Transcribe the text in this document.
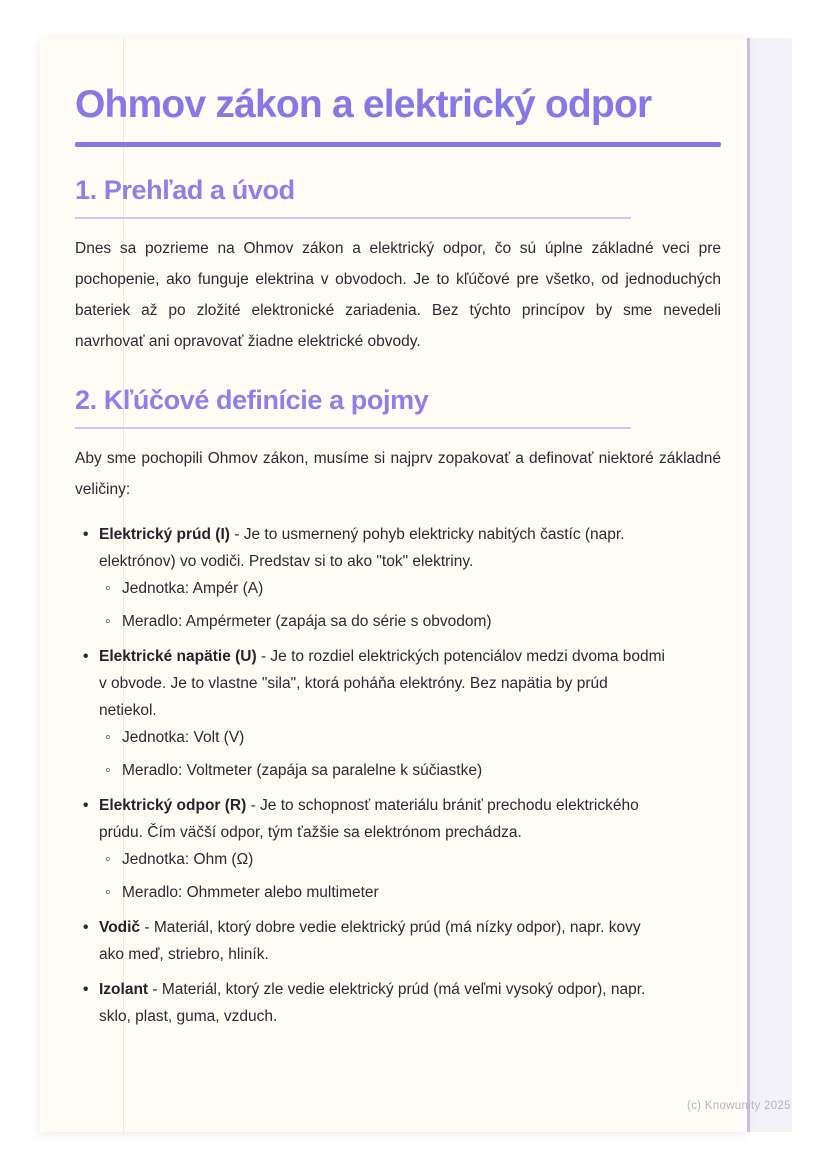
Ohmov zákon a elektrický odpor
1. Prehľad a úvod

Dnes sa pozrieme na Ohmov zákon a elektrický odpor, čo sú úplne základné veci pre pochopenie, ako funguje elektrina v obvodoch. Je to kľúčové pre všetko, od jednoduchých bateriek až po zložité elektronické zariadenia. Bez týchto princípov by sme nevedeli navrhovať ani opravovať žiadne elektrické obvody.

2. Kľúčové definície a pojmy

Aby sme pochopili Ohmov zákon, musíme si najprv zopakovať a definovať niektoré základné veličiny:

• Elektrický prúd (I) - Je to usmernený pohyb elektricky nabitých častíc (napr. elektrónov) vo vodiči. Predstav si to ako "tok" elektriny.
◦ Jednotka: Ampér (A)
◦ Meradlo: Ampérmeter (zapája sa do série s obvodom)
• Elektrické napätie (U) - Je to rozdiel elektrických potenciálov medzi dvoma bodmi v obvode. Je to vlastne "sila", ktorá poháňa elektróny. Bez napätia by prúd netiekol.
◦ Jednotka: Volt (V)
◦ Meradlo: Voltmeter (zapája sa paralelne k súčiastke)
• Elektrický odpor (R) - Je to schopnosť materiálu brániť prechodu elektrického prúdu. Čím väčší odpor, tým ťažšie sa elektrónom prechádza.
◦ Jednotka: Ohm (Ω)
◦ Meradlo: Ohmmeter alebo multimeter
• Vodič - Materiál, ktorý dobre vedie elektrický prúd (má nízky odpor), napr. kovy ako meď, striebro, hliník.
• Izolant - Materiál, ktorý zle vedie elektrický prúd (má veľmi vysoký odpor), napr. sklo, plast, guma, vzduch.
(c) Knowunity 2025
